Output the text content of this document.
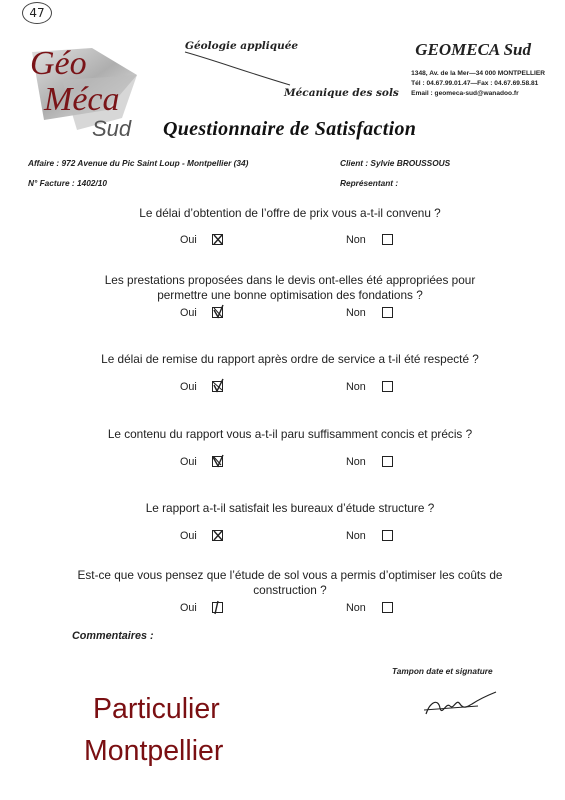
47
Géo
Méca
Sud
Géologie appliquée
Mécanique des sols
GEOMECA Sud
1348, Av. de la Mer—34 000 MONTPELLIER
Tél : 04.67.99.01.47—Fax : 04.67.69.58.81
Email : geomeca-sud@wanadoo.fr
Questionnaire de Satisfaction
Affaire : 972 Avenue du Pic Saint Loup - Montpellier (34)
N° Facture : 1402/10
Client : Sylvie BROUSSOUS
Représentant :
Le délai d’obtention de l’offre de prix vous a-t-il convenu ?
Oui	Non
Les prestations proposées dans le devis ont-elles été appropriées pour
permettre une bonne optimisation des fondations ?
Oui	Non
Le délai de remise du rapport après ordre de service a t-il été respecté ?
Oui	Non
Le contenu du rapport vous a-t-il paru suffisamment concis et précis ?
Oui	Non
Le rapport a-t-il satisfait les bureaux d’étude structure ?
Oui	Non
Est-ce que vous pensez que l’étude de sol vous a permis d’optimiser les coûts de
construction ?
Oui	Non
Commentaires :
Tampon date et signature
Particulier
Montpellier
